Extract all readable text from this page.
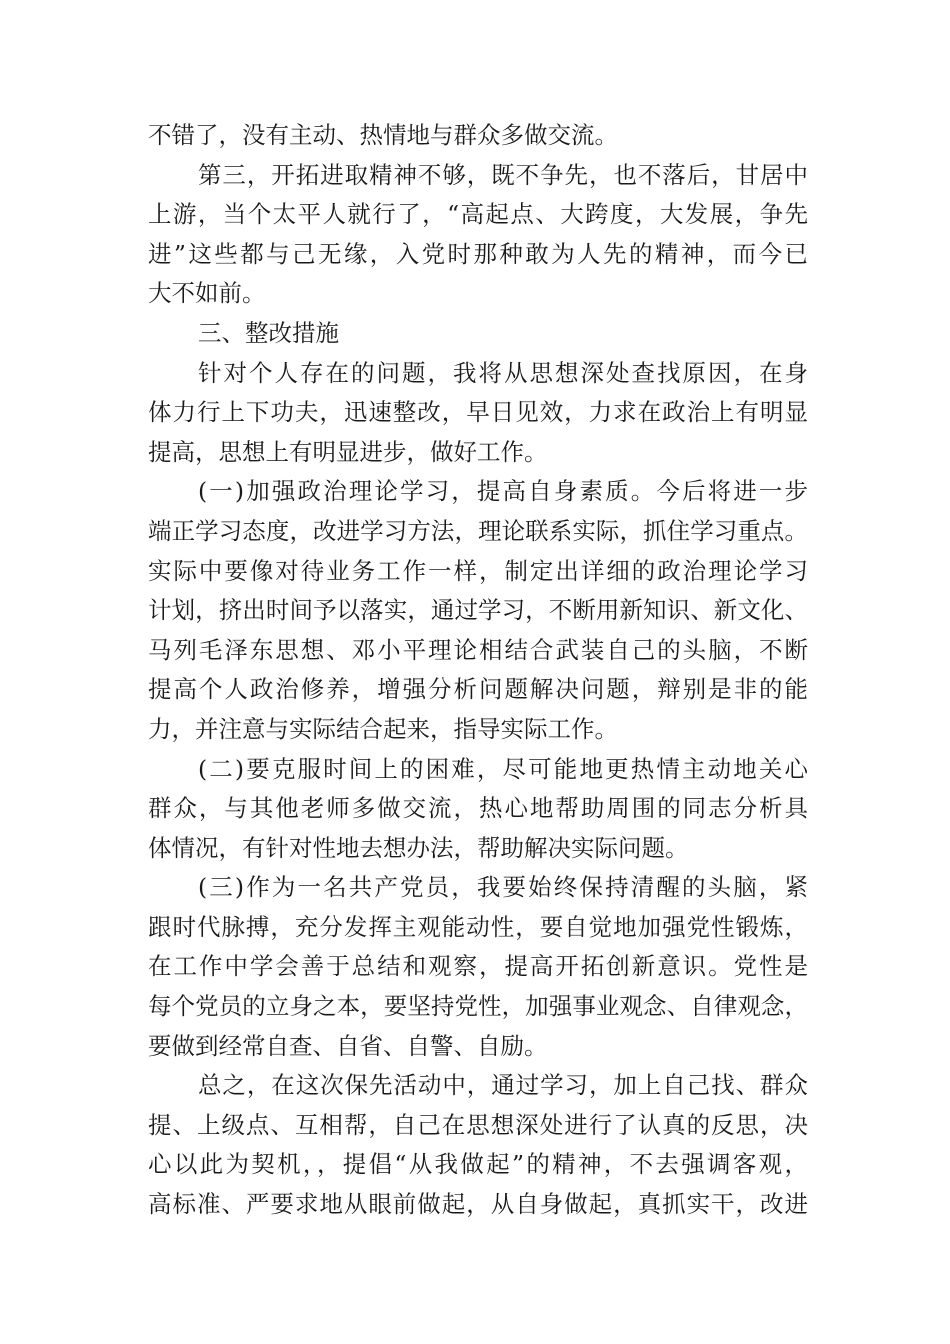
不错了，没有主动、热情地与群众多做交流。
第三，开拓进取精神不够，既不争先，也不落后，甘居中
上游，当个太平人就行了，“高起点、大跨度，大发展，争先
进”这些都与己无缘，入党时那种敢为人先的精神，而今已
大不如前。
三、整改措施
针对个人存在的问题，我将从思想深处查找原因，在身
体力行上下功夫，迅速整改，早日见效，力求在政治上有明显
提高，思想上有明显进步，做好工作。
(一)加强政治理论学习，提高自身素质。今后将进一步
端正学习态度，改进学习方法，理论联系实际，抓住学习重点。
实际中要像对待业务工作一样，制定出详细的政治理论学习
计划，挤出时间予以落实，通过学习，不断用新知识、新文化、
马列毛泽东思想、邓小平理论相结合武装自己的头脑，不断
提高个人政治修养，增强分析问题解决问题，辩别是非的能
力，并注意与实际结合起来，指导实际工作。
(二)要克服时间上的困难，尽可能地更热情主动地关心
群众，与其他老师多做交流，热心地帮助周围的同志分析具
体情况，有针对性地去想办法，帮助解决实际问题。
(三)作为一名共产党员，我要始终保持清醒的头脑，紧
跟时代脉搏，充分发挥主观能动性，要自觉地加强党性锻炼，
在工作中学会善于总结和观察，提高开拓创新意识。党性是
每个党员的立身之本，要坚持党性，加强事业观念、自律观念，
要做到经常自查、自省、自警、自励。
总之，在这次保先活动中，通过学习，加上自己找、群众
提、上级点、互相帮，自己在思想深处进行了认真的反思，决
心以此为契机，，提倡“从我做起”的精神，不去强调客观，
高标准、严要求地从眼前做起，从自身做起，真抓实干，改进
